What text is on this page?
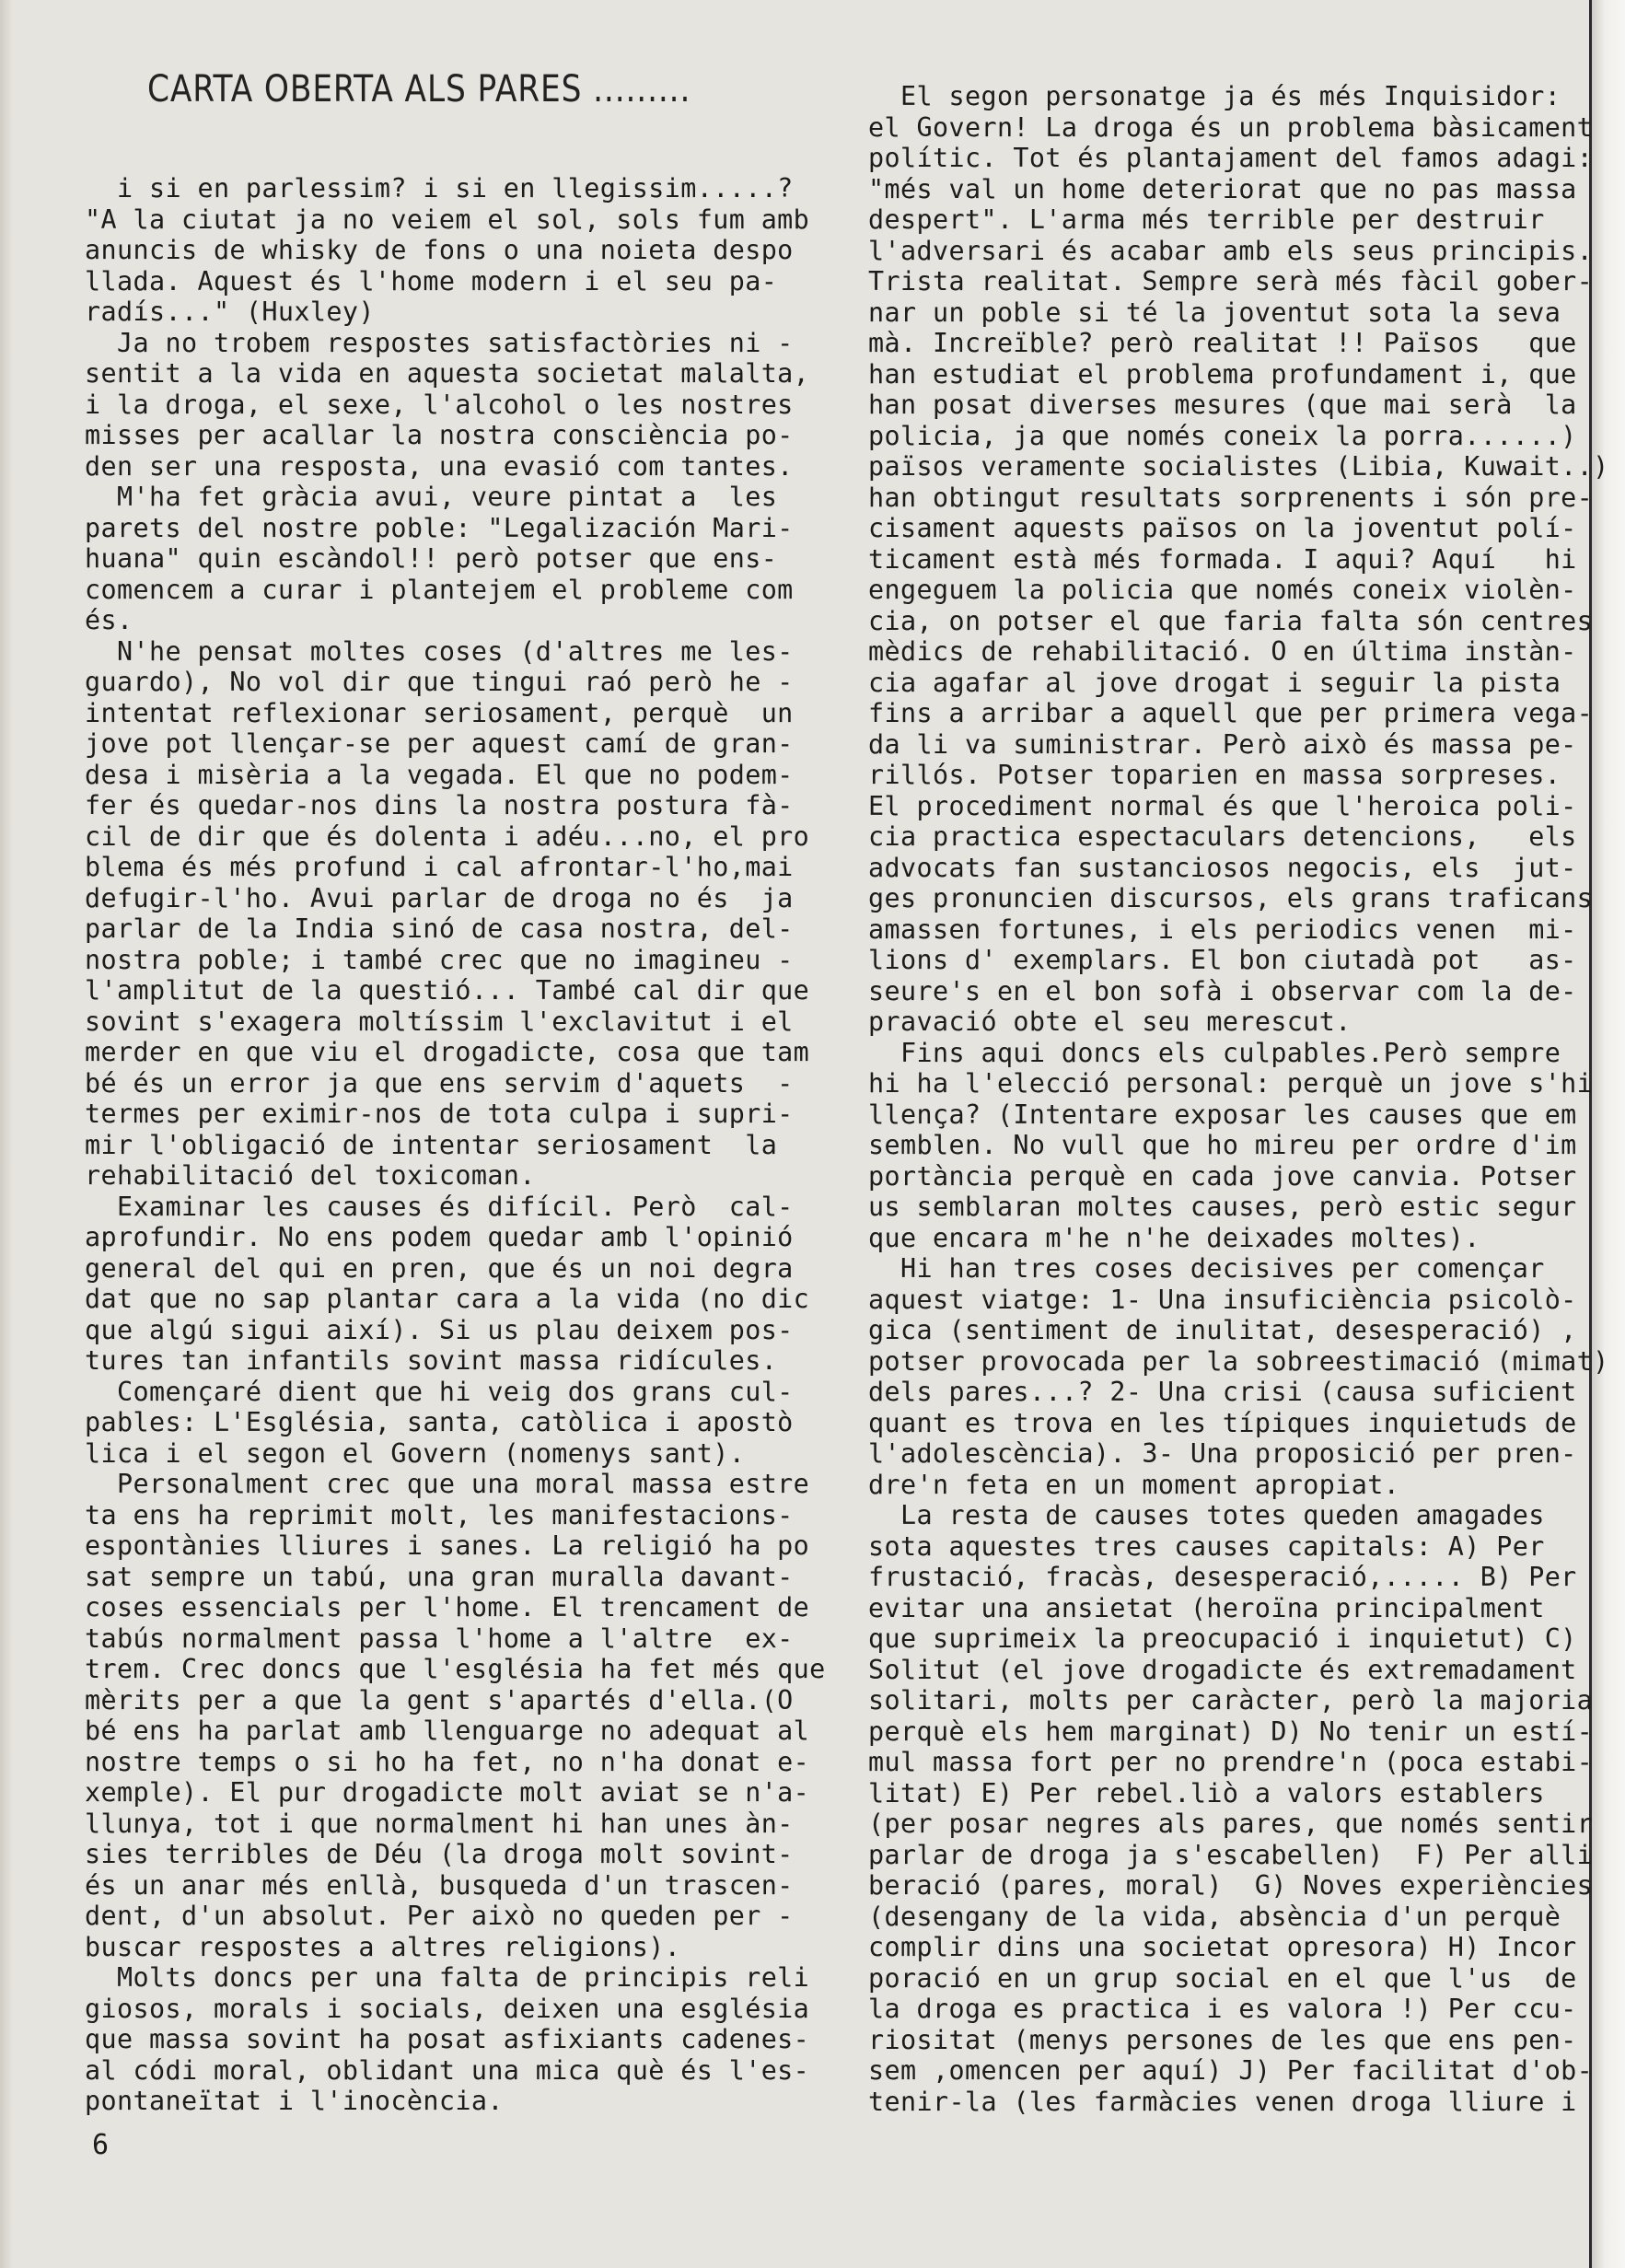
CARTA OBERTA ALS PARES .........
i si en parlessim? i si en llegissim.....?
"A la ciutat ja no veiem el sol, sols fum amb
anuncis de whisky de fons o una noieta despo
llada. Aquest és l'home modern i el seu pa-
radís..." (Huxley)
Ja no trobem respostes satisfactòries ni -
sentit a la vida en aquesta societat malalta,
i la droga, el sexe, l'alcohol o les nostres
misses per acallar la nostra consciència po-
den ser una resposta, una evasió com tantes.
M'ha fet gràcia avui, veure pintat a  les
parets del nostre poble: "Legalización Mari-
huana" quin escàndol!! però potser que ens-
comencem a curar i plantejem el probleme com
és.
N'he pensat moltes coses (d'altres me les-
guardo), No vol dir que tingui raó però he -
intentat reflexionar seriosament, perquè  un
jove pot llençar-se per aquest camí de gran-
desa i misèria a la vegada. El que no podem-
fer és quedar-nos dins la nostra postura fà-
cil de dir que és dolenta i adéu...no, el pro
blema és més profund i cal afrontar-l'ho,mai
defugir-l'ho. Avui parlar de droga no és  ja
parlar de la India sinó de casa nostra, del-
nostra poble; i també crec que no imagineu -
l'amplitut de la questió... També cal dir que
sovint s'exagera moltíssim l'exclavitut i el
merder en que viu el drogadicte, cosa que tam
bé és un error ja que ens servim d'aquets  -
termes per eximir-nos de tota culpa i supri-
mir l'obligació de intentar seriosament  la
rehabilitació del toxicoman.
Examinar les causes és difícil. Però  cal-
aprofundir. No ens podem quedar amb l'opinió
general del qui en pren, que és un noi degra
dat que no sap plantar cara a la vida (no dic
que algú sigui així). Si us plau deixem pos-
tures tan infantils sovint massa ridícules.
Començaré dient que hi veig dos grans cul-
pables: L'Església, santa, catòlica i apostò
lica i el segon el Govern (nomenys sant).
Personalment crec que una moral massa estre
ta ens ha reprimit molt, les manifestacions-
espontànies lliures i sanes. La religió ha po
sat sempre un tabú, una gran muralla davant-
coses essencials per l'home. El trencament de
tabús normalment passa l'home a l'altre  ex-
trem. Crec doncs que l'església ha fet més que
mèrits per a que la gent s'apartés d'ella.(O
bé ens ha parlat amb llenguarge no adequat al
nostre temps o si ho ha fet, no n'ha donat e-
xemple). El pur drogadicte molt aviat se n'a-
llunya, tot i que normalment hi han unes àn-
sies terribles de Déu (la droga molt sovint-
és un anar més enllà, busqueda d'un trascen-
dent, d'un absolut. Per això no queden per -
buscar respostes a altres religions).
Molts doncs per una falta de principis reli
giosos, morals i socials, deixen una església
que massa sovint ha posat asfixiants cadenes-
al códi moral, oblidant una mica què és l'es-
pontaneïtat i l'inocència.
El segon personatge ja és més Inquisidor:
el Govern! La droga és un problema bàsicament
polític. Tot és plantajament del famos adagi:
"més val un home deteriorat que no pas massa
despert". L'arma més terrible per destruir
l'adversari és acabar amb els seus principis.
Trista realitat. Sempre serà més fàcil gober-
nar un poble si té la joventut sota la seva
mà. Increïble? però realitat !! Països   que
han estudiat el problema profundament i, que
han posat diverses mesures (que mai serà  la
policia, ja que només coneix la porra......)
països veramente socialistes (Libia, Kuwait..)
han obtingut resultats sorprenents i són pre-
cisament aquests països on la joventut polí-
ticament està més formada. I aqui? Aquí   hi
engeguem la policia que només coneix violèn-
cia, on potser el que faria falta són centres
mèdics de rehabilitació. O en última instàn-
cia agafar al jove drogat i seguir la pista
fins a arribar a aquell que per primera vega-
da li va suministrar. Però això és massa pe-
rillós. Potser toparien en massa sorpreses.
El procediment normal és que l'heroica poli-
cia practica espectaculars detencions,   els
advocats fan sustanciosos negocis, els  jut-
ges pronuncien discursos, els grans traficans
amassen fortunes, i els periodics venen  mi-
lions d' exemplars. El bon ciutadà pot   as-
seure's en el bon sofà i observar com la de-
pravació obte el seu merescut.
Fins aqui doncs els culpables.Però sempre
hi ha l'elecció personal: perquè un jove s'hi
llença? (Intentare exposar les causes que em
semblen. No vull que ho mireu per ordre d'im
portància perquè en cada jove canvia. Potser
us semblaran moltes causes, però estic segur
que encara m'he n'he deixades moltes).
Hi han tres coses decisives per començar
aquest viatge: 1- Una insuficiència psicolò-
gica (sentiment de inulitat, desesperació) ,
potser provocada per la sobreestimació (mimat)
dels pares...? 2- Una crisi (causa suficient
quant es trova en les típiques inquietuds de
l'adolescència). 3- Una proposició per pren-
dre'n feta en un moment apropiat.
La resta de causes totes queden amagades
sota aquestes tres causes capitals: A) Per
frustació, fracàs, desesperació,..... B) Per
evitar una ansietat (heroïna principalment
que suprimeix la preocupació i inquietut) C)
Solitut (el jove drogadicte és extremadament
solitari, molts per caràcter, però la majoria
perquè els hem marginat) D) No tenir un estí-
mul massa fort per no prendre'n (poca estabi-
litat) E) Per rebel.liò a valors establers
(per posar negres als pares, que només sentir
parlar de droga ja s'escabellen)  F) Per alli
beració (pares, moral)  G) Noves experiències
(desengany de la vida, absència d'un perquè
complir dins una societat opresora) H) Incor
poració en un grup social en el que l'us  de
la droga es practica i es valora !) Per ccu-
riositat (menys persones de les que ens pen-
sem ,omencen per aquí) J) Per facilitat d'ob-
tenir-la (les farmàcies venen droga lliure i
6
